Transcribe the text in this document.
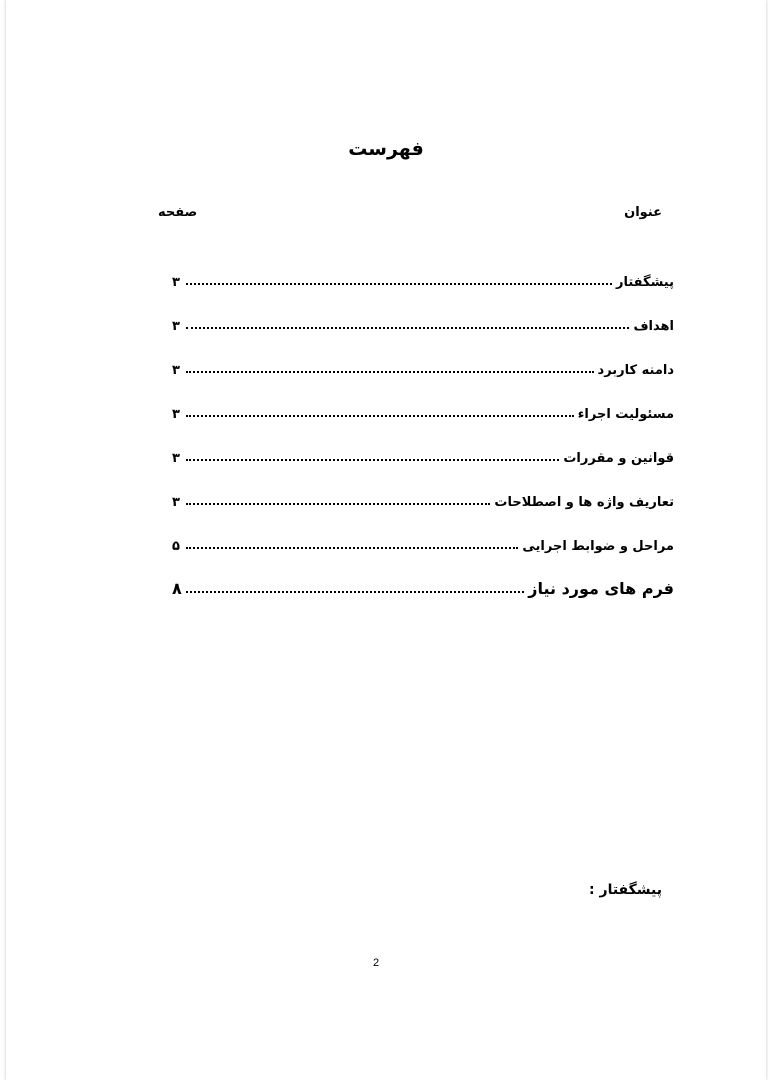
فهرست
عنوان
صفحه
پیشگفتار
۳
اهداف
۳
دامنه کاربرد
۳
مسئولیت اجراء
۳
قوانین و مقررات
۳
تعاریف واژه ها و اصطلاحات
۳
مراحل و ضوابط اجرایی
۵
فرم های مورد نیاز
۸
پیشگفتار :
2
